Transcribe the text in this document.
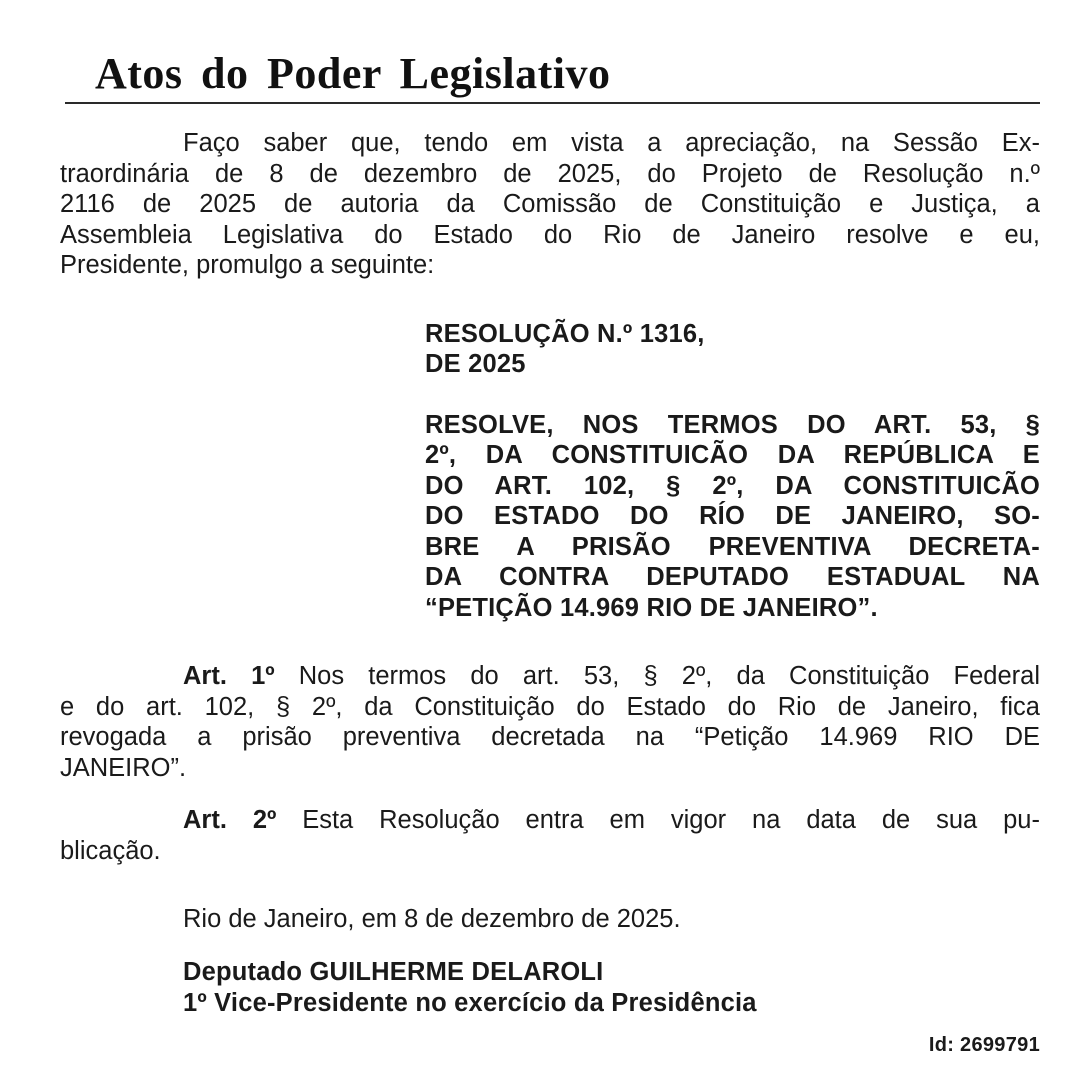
Atos do Poder Legislativo

Faço saber que, tendo em vista a apreciação, na Sessão Ex-
traordinária de 8 de dezembro de 2025, do Projeto de Resolução n.º
2116 de 2025 de autoria da Comissão de Constituição e Justiça, a
Assembleia Legislativa do Estado do Rio de Janeiro resolve e eu,
Presidente, promulgo a seguinte:

RESOLUÇÃO N.º 1316,

DE 2025

RESOLVE, NOS TERMOS DO ART. 53, §
2º, DA CONSTITUICÃO DA REPÚBLICA E
DO ART. 102, § 2º, DA CONSTITUICÃO
DO ESTADO DO RÍO DE JANEIRO, SO-
BRE A PRISÃO PREVENTIVA DECRETA-
DA CONTRA DEPUTADO ESTADUAL NA
“PETIÇÃO 14.969 RIO DE JANEIRO”.

Art. 1º Nos termos do art. 53, § 2º, da Constituição Federal
e do art. 102, § 2º, da Constituição do Estado do Rio de Janeiro, fica
revogada a prisão preventiva decretada na “Petição 14.969 RIO DE
JANEIRO”.

Art. 2º Esta Resolução entra em vigor na data de sua pu-
blicação.

Rio de Janeiro, em 8 de dezembro de 2025.

Deputado GUILHERME DELAROLI
1º Vice-Presidente no exercício da Presidência
Id: 2699791
